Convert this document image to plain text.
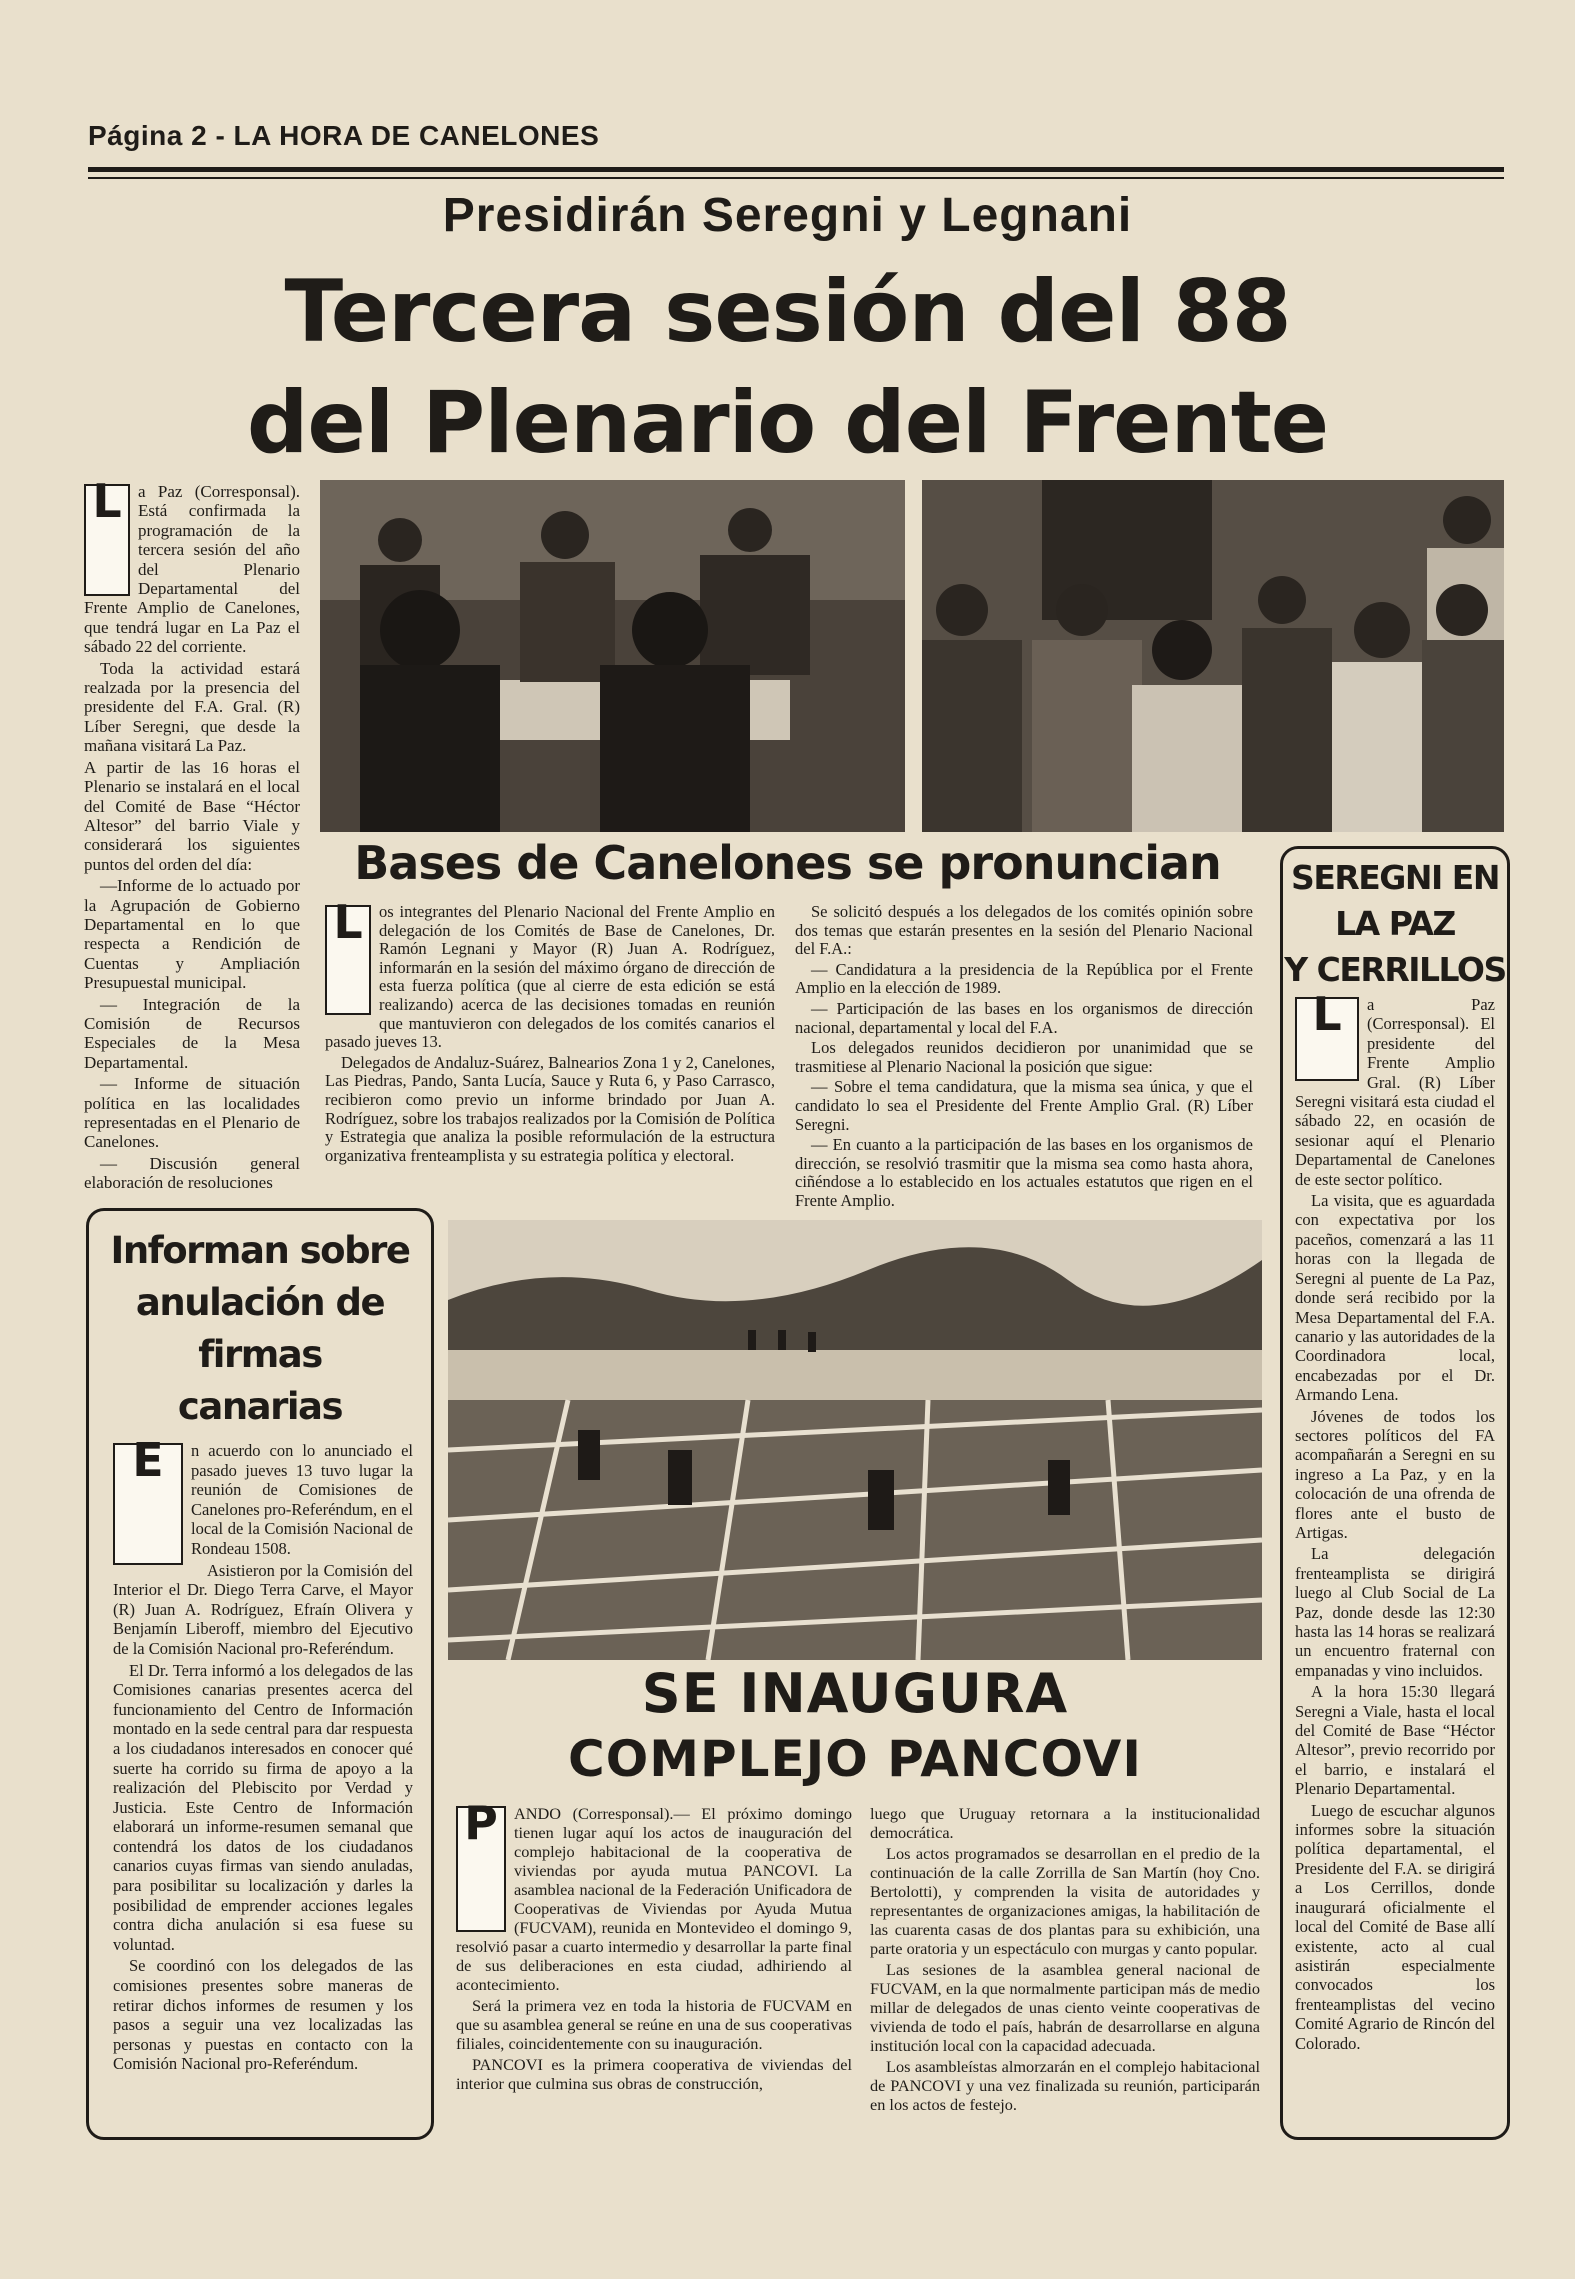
Página 2 - LA HORA DE CANELONES
Presidirán Seregni y Legnani
Tercera sesión del 88
del Plenario del Frente
L a Paz (Corresponsal). Está confirmada la programación de la tercera sesión del año del Plenario Departamental del Frente Amplio de Canelones, que tendrá lugar en La Paz el sábado 22 del corriente.

Toda la actividad estará realzada por la presencia del presidente del F.A. Gral. (R) Líber Seregni, que desde la mañana visitará La Paz.

A partir de las 16 horas el Plenario se instalará en el local del Comité de Base “Héctor Altesor” del barrio Viale y considerará los siguientes puntos del orden del día:

—Informe de lo actuado por la Agrupación de Gobierno Departamental en lo que respecta a Rendición de Cuentas y Ampliación Presupuestal municipal.

— Integración de la Comisión de Recursos Especiales de la Mesa Departamental.

— Informe de situación política en las localidades representadas en el Plenario de Canelones.

— Discusión general elaboración de resoluciones

Bases de Canelones se pronuncian
L os integrantes del Plenario Nacional del Frente Amplio en delegación de los Comités de Base de Canelones, Dr. Ramón Legnani y Mayor (R) Juan A. Rodríguez, informarán en la sesión del máximo órgano de dirección de esta fuerza política (que al cierre de esta edición se está realizando) acerca de las decisiones tomadas en reunión que mantuvieron con delegados de los comités canarios el pasado jueves 13.

Delegados de Andaluz-Suárez, Balnearios Zona 1 y 2, Canelones, Las Piedras, Pando, Santa Lucía, Sauce y Ruta 6, y Paso Carrasco, recibieron como previo un informe brindado por Juan A. Rodríguez, sobre los trabajos realizados por la Comisión de Política y Estrategia que analiza la posible reformulación de la estructura organizativa frenteamplista y su estrategia política y electoral.

Se solicitó después a los delegados de los comités opinión sobre dos temas que estarán presentes en la sesión del Plenario Nacional del F.A.:

— Candidatura a la presidencia de la República por el Frente Amplio en la elección de 1989.

— Participación de las bases en los organismos de dirección nacional, departamental y local del F.A.

Los delegados reunidos decidieron por unanimidad que se trasmitiese al Plenario Nacional la posición que sigue:

— Sobre el tema candidatura, que la misma sea única, y que el candidato lo sea el Presidente del Frente Amplio Gral. (R) Líber Seregni.

— En cuanto a la participación de las bases en los organismos de dirección, se resolvió trasmitir que la misma sea como hasta ahora, ciñéndose a lo establecido en los actuales estatutos que rigen en el Frente Amplio.

SEREGNI EN
LA PAZ
Y CERRILLOS
L	a Paz (Corresponsal). El presidente del Frente Amplio Gral. (R) Líber Seregni visitará esta ciudad el sábado 22, en ocasión de sesionar aquí el Plenario Departamental de Canelones de este sector político.

La visita, que es aguardada con expectativa por los paceños, comenzará a las 11 horas con la llegada de Seregni al puente de La Paz, donde será recibido por la Mesa Departamental del F.A. canario y las autoridades de la Coordinadora local, encabezadas por el Dr. Armando Lena.

Jóvenes de todos los sectores políticos del FA acompañarán a Seregni en su ingreso a La Paz, y en la colocación de una ofrenda de flores ante el busto de Artigas.

La delegación frenteamplista se dirigirá luego al Club Social de La Paz, donde desde las 12:30 hasta las 14 horas se realizará un encuentro fraternal con empanadas y vino incluidos.

A la hora 15:30 llegará Seregni a Viale, hasta el local del Comité de Base “Héctor Altesor”, previo recorrido por el barrio, e instalará el Plenario Departamental.

Luego de escuchar algunos informes sobre la situación política departamental, el Presidente del F.A. se dirigirá a Los Cerrillos, donde inaugurará oficialmente el local del Comité de Base allí existente, acto al cual asistirán especialmente convocados los frenteamplistas del vecino Comité Agrario de Rincón del Colorado.

Informan sobre
anulación de
firmas
canarias
E	n acuerdo con lo anunciado el pasado jueves 13 tuvo lugar la reunión de Comisiones de Canelones pro-Referéndum, en el local de la Comisión Nacional de Rondeau 1508.

Asistieron por la Comisión del Interior el Dr. Diego Terra Carve, el Mayor (R) Juan A. Rodríguez, Efraín Olivera y Benjamín Liberoff, miembro del Ejecutivo de la Comisión Nacional pro-Referéndum.

El Dr. Terra informó a los delegados de las Comisiones canarias presentes acerca del funcionamiento del Centro de Información montado en la sede central para dar respuesta a los ciudadanos interesados en conocer qué suerte ha corrido su firma de apoyo a la realización del Plebiscito por Verdad y Justicia. Este Centro de Información elaborará un informe-resumen semanal que contendrá los datos de los ciudadanos canarios cuyas firmas van siendo anuladas, para posibilitar su localización y darles la posibilidad de emprender acciones legales contra dicha anulación si esa fuese su voluntad.

Se coordinó con los delegados de las comisiones presentes sobre maneras de retirar dichos informes de resumen y los pasos a seguir una vez localizadas las personas y puestas en contacto con la Comisión Nacional pro-Referéndum.

SE INAUGURA
COMPLEJO PANCOVI
P ANDO (Corresponsal).— El próximo domingo tienen lugar aquí los actos de inauguración del complejo habitacional de la cooperativa de viviendas por ayuda mutua PANCOVI. La asamblea nacional de la Federación Unificadora de Cooperativas de Viviendas por Ayuda Mutua (FUCVAM), reunida en Montevideo el domingo 9, resolvió pasar a cuarto intermedio y desarrollar la parte final de sus deliberaciones en esta ciudad, adhiriendo al acontecimiento.

Será la primera vez en toda la historia de FUCVAM en que su asamblea general se reúne en una de sus cooperativas filiales, coincidentemente con su inauguración.

PANCOVI es la primera cooperativa de viviendas del interior que culmina sus obras de construcción,

luego que Uruguay retornara a la institucionalidad democrática.

Los actos programados se desarrollan en el predio de la continuación de la calle Zorrilla de San Martín (hoy Cno. Bertolotti), y comprenden la visita de autoridades y representantes de organizaciones amigas, la habilitación de las cuarenta casas de dos plantas para su exhibición, una parte oratoria y un espectáculo con murgas y canto popular.

Las sesiones de la asamblea general nacional de FUCVAM, en la que normalmente participan más de medio millar de delegados de unas ciento veinte cooperativas de vivienda de todo el país, habrán de desarrollarse en alguna institución local con la capacidad adecuada.

Los asambleístas almorzarán en el complejo habitacional de PANCOVI y una vez finalizada su reunión, participarán en los actos de festejo.
